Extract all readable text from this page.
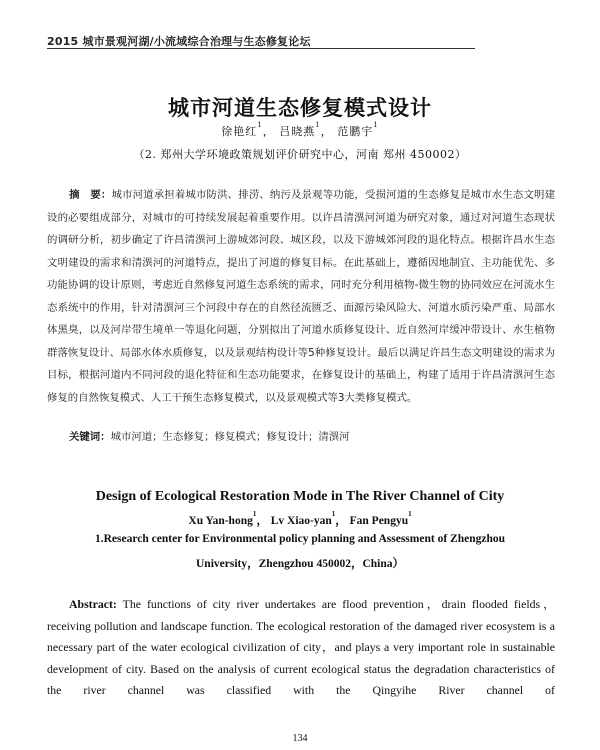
2015 城市景观河湖/小流域综合治理与生态修复论坛
城市河道生态修复模式设计
徐艳红$^1$， 吕晓燕$^1$， 范鹏宇$^1$
（2. 郑州大学环境政策规划评价研究中心，河南 郑州 450002）
摘　要：城市河道承担着城市防洪、排涝、纳污及景观等功能，受损河道的生态修复是城市水生态文明建设的必要组成部分，对城市的可持续发展起着重要作用。以许昌清潩河河道为研究对象，通过对河道生态现状的调研分析，初步确定了许昌清潩河上游城郊河段、城区段，以及下游城郊河段的退化特点。根据许昌水生态文明建设的需求和清潩河的河道特点，提出了河道的修复目标。在此基础上，遵循因地制宜、主功能优先、多功能协调的设计原则，考虑近自然修复河道生态系统的需求，同时充分利用植物-微生物的协同效应在河流水生态系统中的作用，针对清潩河三个河段中存在的自然径流匮乏、面源污染风险大、河道水质污染严重、局部水体黑臭，以及河岸带生境单一等退化问题，分别拟出了河道水质修复设计、近自然河岸缓冲带设计、水生植物群落恢复设计、局部水体水质修复，以及景观结构设计等5种修复设计。最后以满足许昌生态文明建设的需求为目标，根据河道内不同河段的退化特征和生态功能要求，在修复设计的基础上，构建了适用于许昌清潩河生态修复的自然恢复模式、人工干预生态修复模式，以及景观模式等3大类修复模式。
关键词：城市河道；生态修复；修复模式；修复设计；清潩河
Design of Ecological Restoration Mode in The River Channel of City
Xu Yan-hong$^1$， Lv Xiao-yan$^1$， Fan Pengyu$^1$
1.Research center for Environmental policy planning and Assessment of Zhengzhou
University，Zhengzhou 450002，China）
Abstract: The functions of city river undertakes are flood prevention，drain flooded fields，receiving pollution and landscape function. The ecological restoration of the damaged river ecosystem is a necessary part of the water ecological civilization of city，and plays a very important role in sustainable development of city. Based on the analysis of current ecological status the degradation characteristics of the river channel was classified with the Qingyihe River channel of
134
